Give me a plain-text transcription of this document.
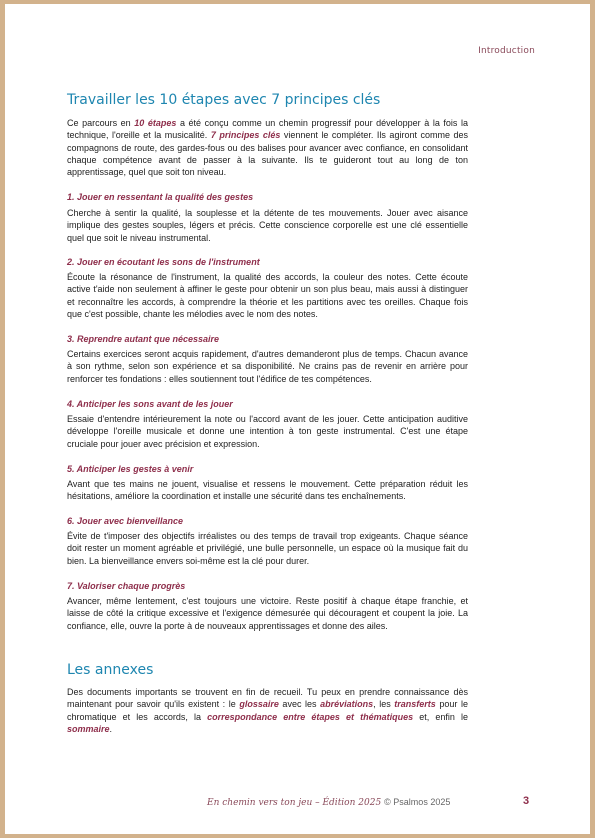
Introduction
Travailler les 10 étapes avec 7 principes clés

Ce parcours en 10 étapes a été conçu comme un chemin progressif pour développer à la fois la technique, l'oreille et la musicalité. 7 principes clés viennent le compléter. Ils agiront comme des compagnons de route, des gardes-fous ou des balises pour avancer avec confiance, en consolidant chaque compétence avant de passer à la suivante. Ils te guideront tout au long de ton apprentissage, quel que soit ton niveau.

1. Jouer en ressentant la qualité des gestes

Cherche à sentir la qualité, la souplesse et la détente de tes mouvements. Jouer avec aisance implique des gestes souples, légers et précis. Cette conscience corporelle est une clé essentielle quel que soit le niveau instrumental.

2. Jouer en écoutant les sons de l'instrument

Écoute la résonance de l'instrument, la qualité des accords, la couleur des notes. Cette écoute active t'aide non seulement à affiner le geste pour obtenir un son plus beau, mais aussi à distinguer et reconnaître les accords, à comprendre la théorie et les partitions avec tes oreilles. Chaque fois que c'est possible, chante les mélodies avec le nom des notes.

3. Reprendre autant que nécessaire

Certains exercices seront acquis rapidement, d'autres demanderont plus de temps. Chacun avance à son rythme, selon son expérience et sa disponibilité. Ne crains pas de revenir en arrière pour renforcer tes fondations : elles soutiennent tout l'édifice de tes compétences.

4. Anticiper les sons avant de les jouer

Essaie d'entendre intérieurement la note ou l'accord avant de les jouer. Cette anticipation auditive développe l'oreille musicale et donne une intention à ton geste instrumental. C'est une étape cruciale pour jouer avec précision et expression.

5. Anticiper les gestes à venir

Avant que tes mains ne jouent, visualise et ressens le mouvement. Cette préparation réduit les hésitations, améliore la coordination et installe une sécurité dans tes enchaînements.

6. Jouer avec bienveillance

Évite de t'imposer des objectifs irréalistes ou des temps de travail trop exigeants. Chaque séance doit rester un moment agréable et privilégié, une bulle personnelle, un espace où la musique fait du bien. La bienveillance envers soi-même est la clé pour durer.

7. Valoriser chaque progrès

Avancer, même lentement, c'est toujours une victoire. Reste positif à chaque étape franchie, et laisse de côté la critique excessive et l'exigence démesurée qui découragent et coupent la joie. La confiance, elle, ouvre la porte à de nouveaux apprentissages et donne des ailes.

Les annexes

Des documents importants se trouvent en fin de recueil. Tu peux en prendre connaissance dès maintenant pour savoir qu'ils existent : le glossaire avec les abréviations, les transferts pour le chromatique et les accords, la correspondance entre étapes et thématiques et, enfin le sommaire.

En chemin vers ton jeu – Édition 2025 © Psalmos 2025	3
